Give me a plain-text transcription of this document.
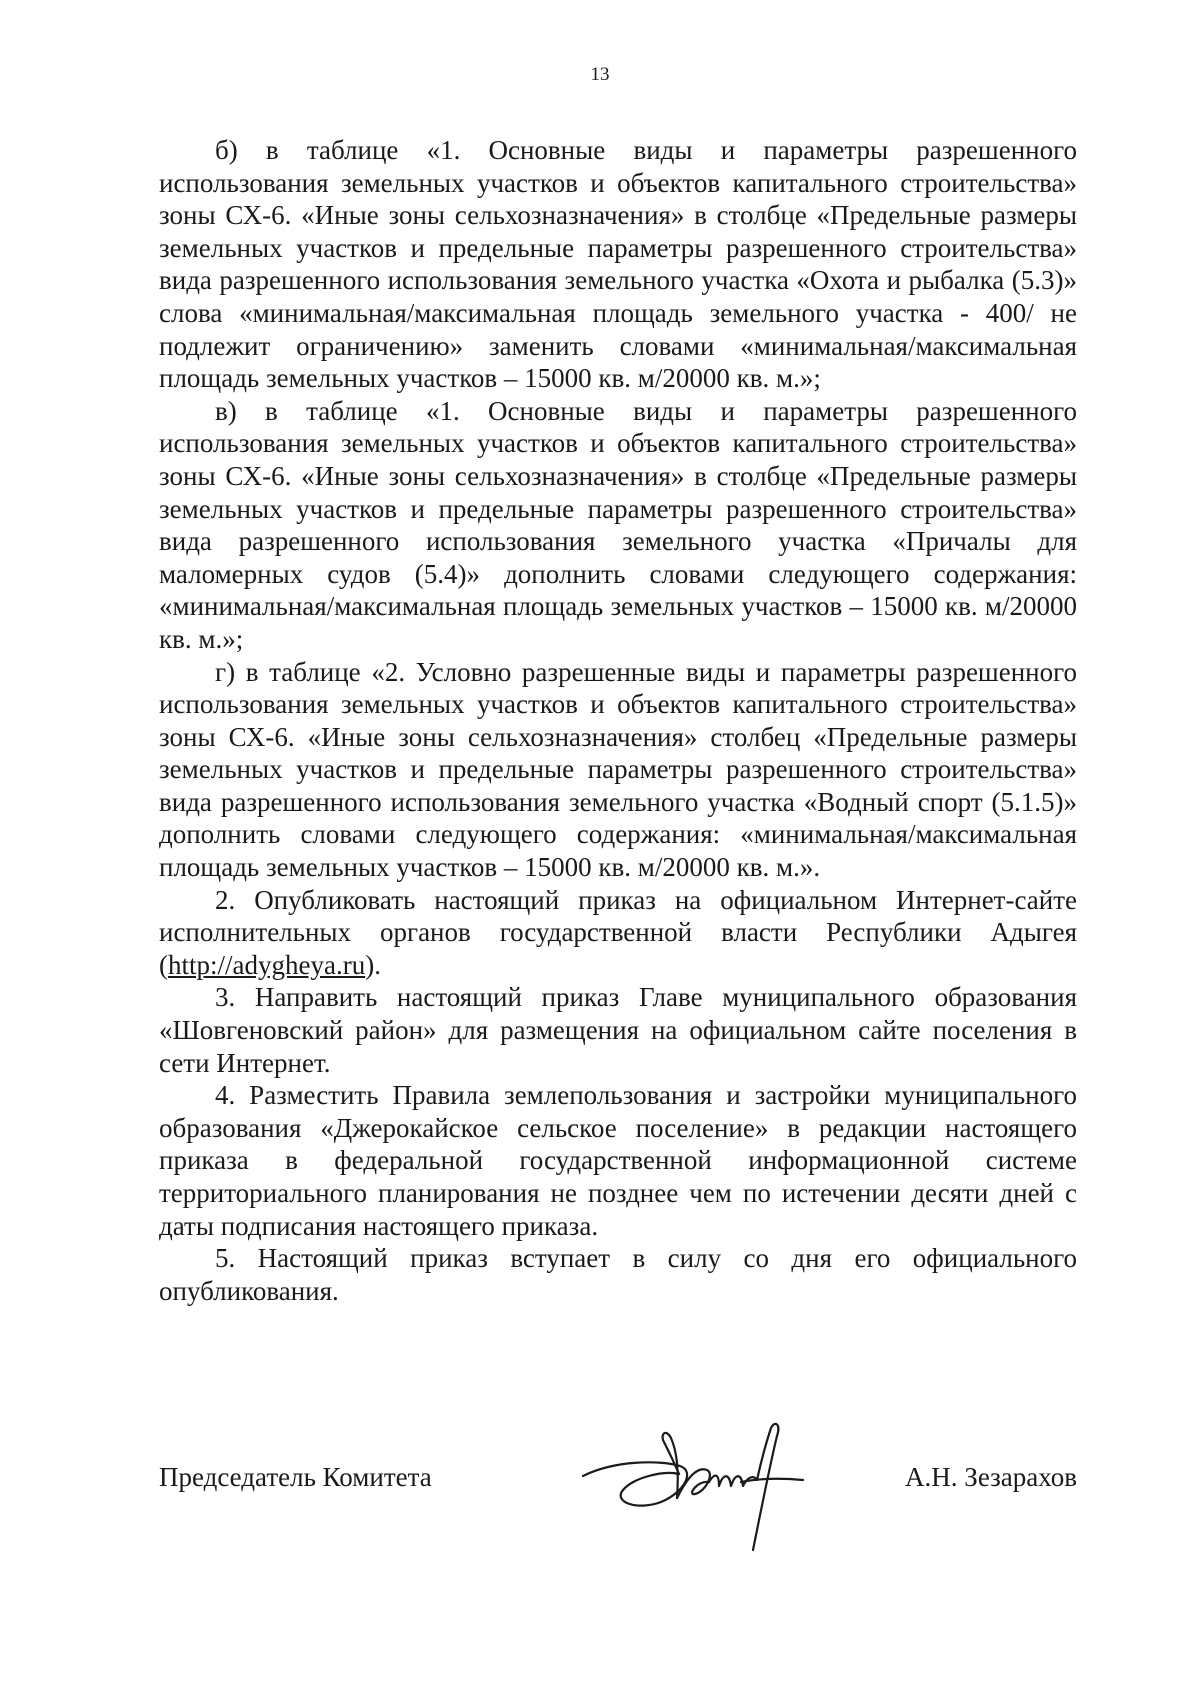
13

б) в таблице «1. Основные виды и параметры разрешенного использования земельных участков и объектов капитального строительства» зоны СХ-6. «Иные зоны сельхозназначения» в столбце «Предельные размеры земельных участков и предельные параметры разрешенного строительства» вида разрешенного использования земельного участка «Охота и рыбалка (5.3)» слова «минимальная/максимальная площадь земельного участка - 400/ не подлежит ограничению» заменить словами «минимальная/максимальная площадь земельных участков – 15000 кв. м/20000 кв. м.»;

в) в таблице «1. Основные виды и параметры разрешенного использования земельных участков и объектов капитального строительства» зоны СХ-6. «Иные зоны сельхозназначения» в столбце «Предельные размеры земельных участков и предельные параметры разрешенного строительства» вида разрешенного использования земельного участка «Причалы для маломерных судов (5.4)» дополнить словами следующего содержания: «минимальная/максимальная площадь земельных участков – 15000 кв. м/20000 кв. м.»;

г) в таблице «2. Условно разрешенные виды и параметры разрешенного использования земельных участков и объектов капитального строительства» зоны СХ-6. «Иные зоны сельхозназначения» столбец «Предельные размеры земельных участков и предельные параметры разрешенного строительства» вида разрешенного использования земельного участка «Водный спорт (5.1.5)» дополнить словами следующего содержания: «минимальная/максимальная площадь земельных участков – 15000 кв. м/20000 кв. м.».

2. Опубликовать настоящий приказ на официальном Интернет-сайте исполнительных органов государственной власти Республики Адыгея (http://adygheya.ru).

3. Направить настоящий приказ Главе муниципального образования «Шовгеновский район» для размещения на официальном сайте поселения в сети Интернет.

4. Разместить Правила землепользования и застройки муниципального образования «Джерокайское сельское поселение» в редакции настоящего приказа в федеральной государственной информационной системе территориального планирования не позднее чем по истечении десяти дней с даты подписания настоящего приказа.

5. Настоящий приказ вступает в силу со дня его официального опубликования.

Председатель Комитета	А.Н. Зезарахов
